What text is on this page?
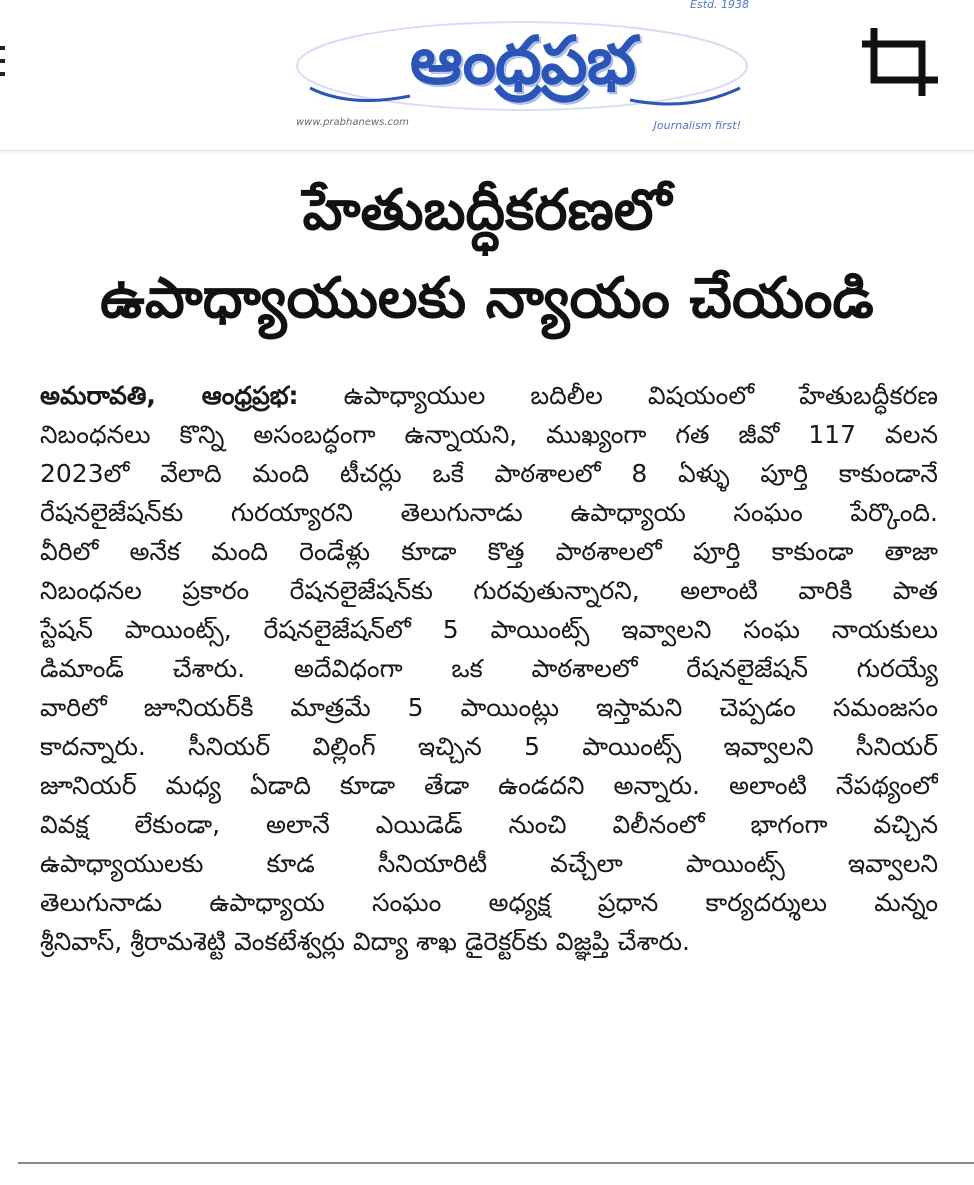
Estd. 1938
ఆంధ్రప్రభ
www.prabhanews.com	Journalism first!
హేతుబద్ధీకరణలో
ఉపాధ్యాయులకు న్యాయం చేయండి
అమరావతి, ఆంధ్రప్రభ: ఉపాధ్యాయుల బదిలీల విషయంలో హేతుబద్ధీకరణ
నిబంధనలు కొన్ని అసంబద్ధంగా ఉన్నాయని, ముఖ్యంగా గత జీవో 117 వలన
2023లో వేలాది మంది టీచర్లు ఒకే పాఠశాలలో 8 ఏళ్ళు పూర్తి కాకుండానే
రేషనలైజేషన్‌కు గురయ్యారని తెలుగునాడు ఉపాధ్యాయ సంఘం పేర్కొంది.
వీరిలో అనేక మంది రెండేళ్లు కూడా కొత్త పాఠశాలలో పూర్తి కాకుండా తాజా
నిబంధనల ప్రకారం రేషనలైజేషన్‌కు గురవుతున్నారని, అలాంటి వారికి పాత
స్టేషన్ పాయింట్స్, రేషనలైజేషన్‌లో 5 పాయింట్స్ ఇవ్వాలని సంఘ నాయకులు
డిమాండ్ చేశారు. అదేవిధంగా ఒక పాఠశాలలో రేషనలైజేషన్ గురయ్యే
వారిలో జూనియర్‌కి మాత్రమే 5 పాయింట్లు ఇస్తామని చెప్పడం సమంజసం
కాదన్నారు. సీనియర్ విల్లింగ్ ఇచ్చిన 5 పాయింట్స్ ఇవ్వాలని సీనియర్
జూనియర్ మధ్య ఏడాది కూడా తేడా ఉండదని అన్నారు. అలాంటి నేపథ్యంలో
వివక్ష లేకుండా, అలానే ఎయిడెడ్ నుంచి విలీనంలో భాగంగా వచ్చిన
ఉపాధ్యాయులకు కూడ సీనియారిటీ వచ్చేలా పాయింట్స్ ఇవ్వాలని
తెలుగునాడు ఉపాధ్యాయ సంఘం అధ్యక్ష ప్రధాన కార్యదర్శులు మన్నం
శ్రీనివాస్, శ్రీరామశెట్టి వెంకటేశ్వర్లు విద్యా శాఖ డైరెక్టర్‌కు విజ్ఞప్తి చేశారు.
